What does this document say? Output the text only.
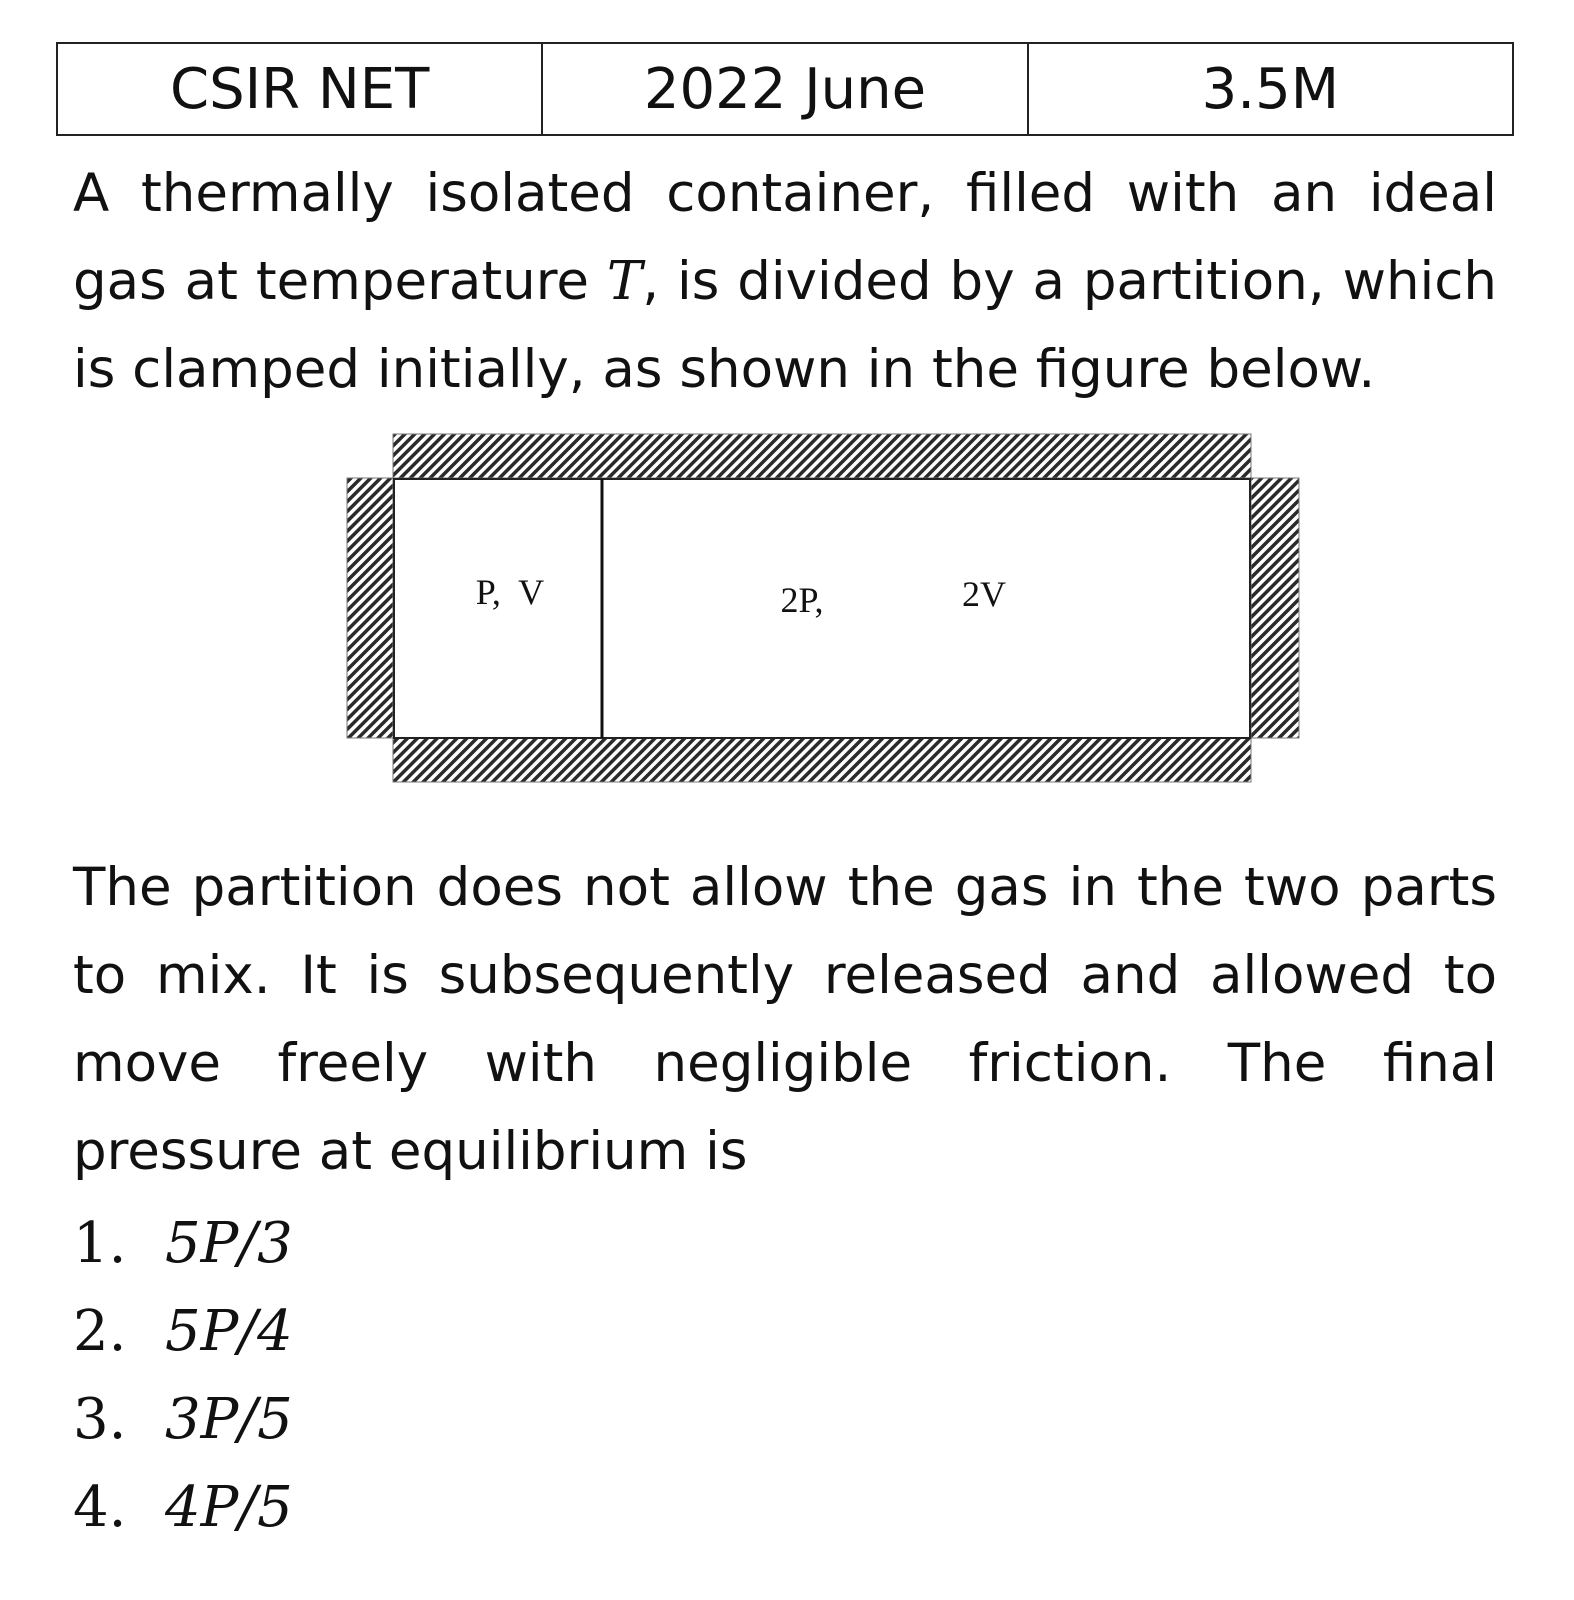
CSIR NET	2022 June	3.5M
A thermally isolated container, filled with an ideal gas at temperature T, is divided by a partition, which is clamped initially, as shown in the figure below.
P,  V	2P,	2V
The partition does not allow the gas in the two parts to mix. It is subsequently released and allowed to move freely with negligible friction. The final pressure at equilibrium is
1. 5P/3
2. 5P/4
3. 3P/5
4. 4P/5
